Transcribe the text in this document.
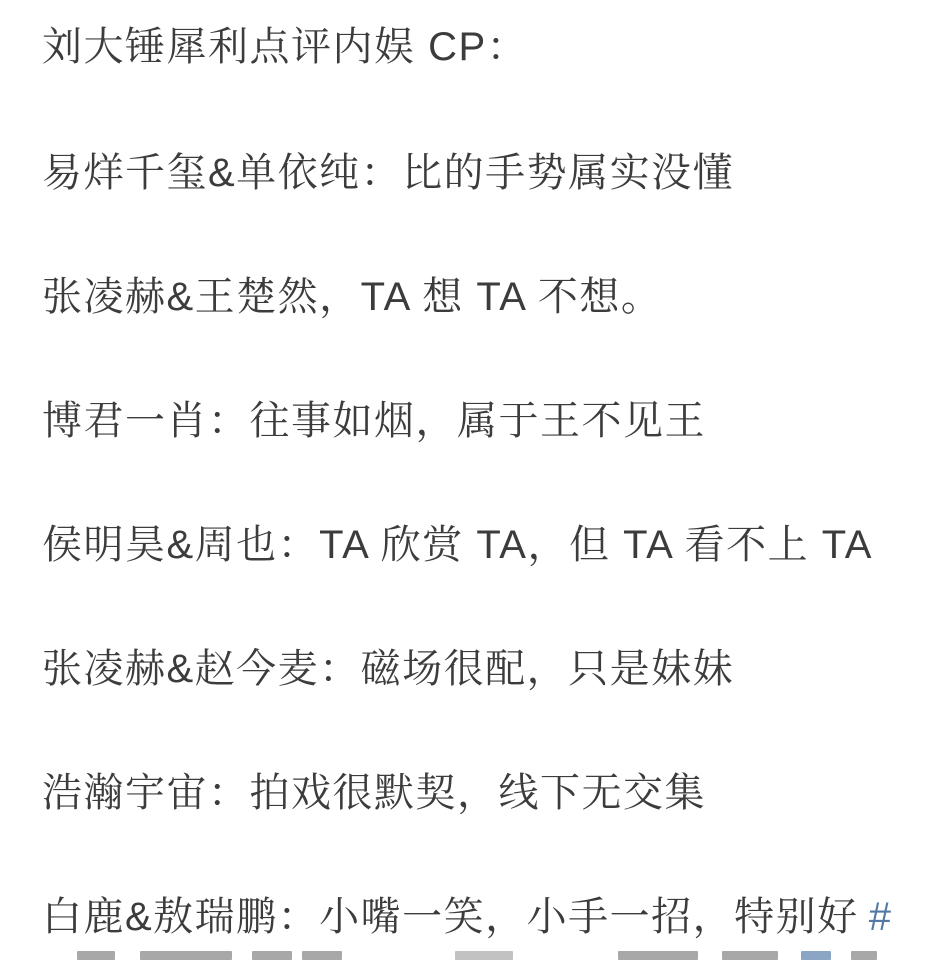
刘大锤犀利点评内娱 CP：

易烊千玺&单依纯：比的手势属实没懂

张凌赫&王楚然，TA 想 TA 不想。

博君一肖：往事如烟，属于王不见王

侯明昊&周也：TA 欣赏 TA，但 TA 看不上 TA

张凌赫&赵今麦：磁场很配，只是妹妹

浩瀚宇宙：拍戏很默契，线下无交集

白鹿&敖瑞鹏：小嘴一笑，小手一招，特别好 #
